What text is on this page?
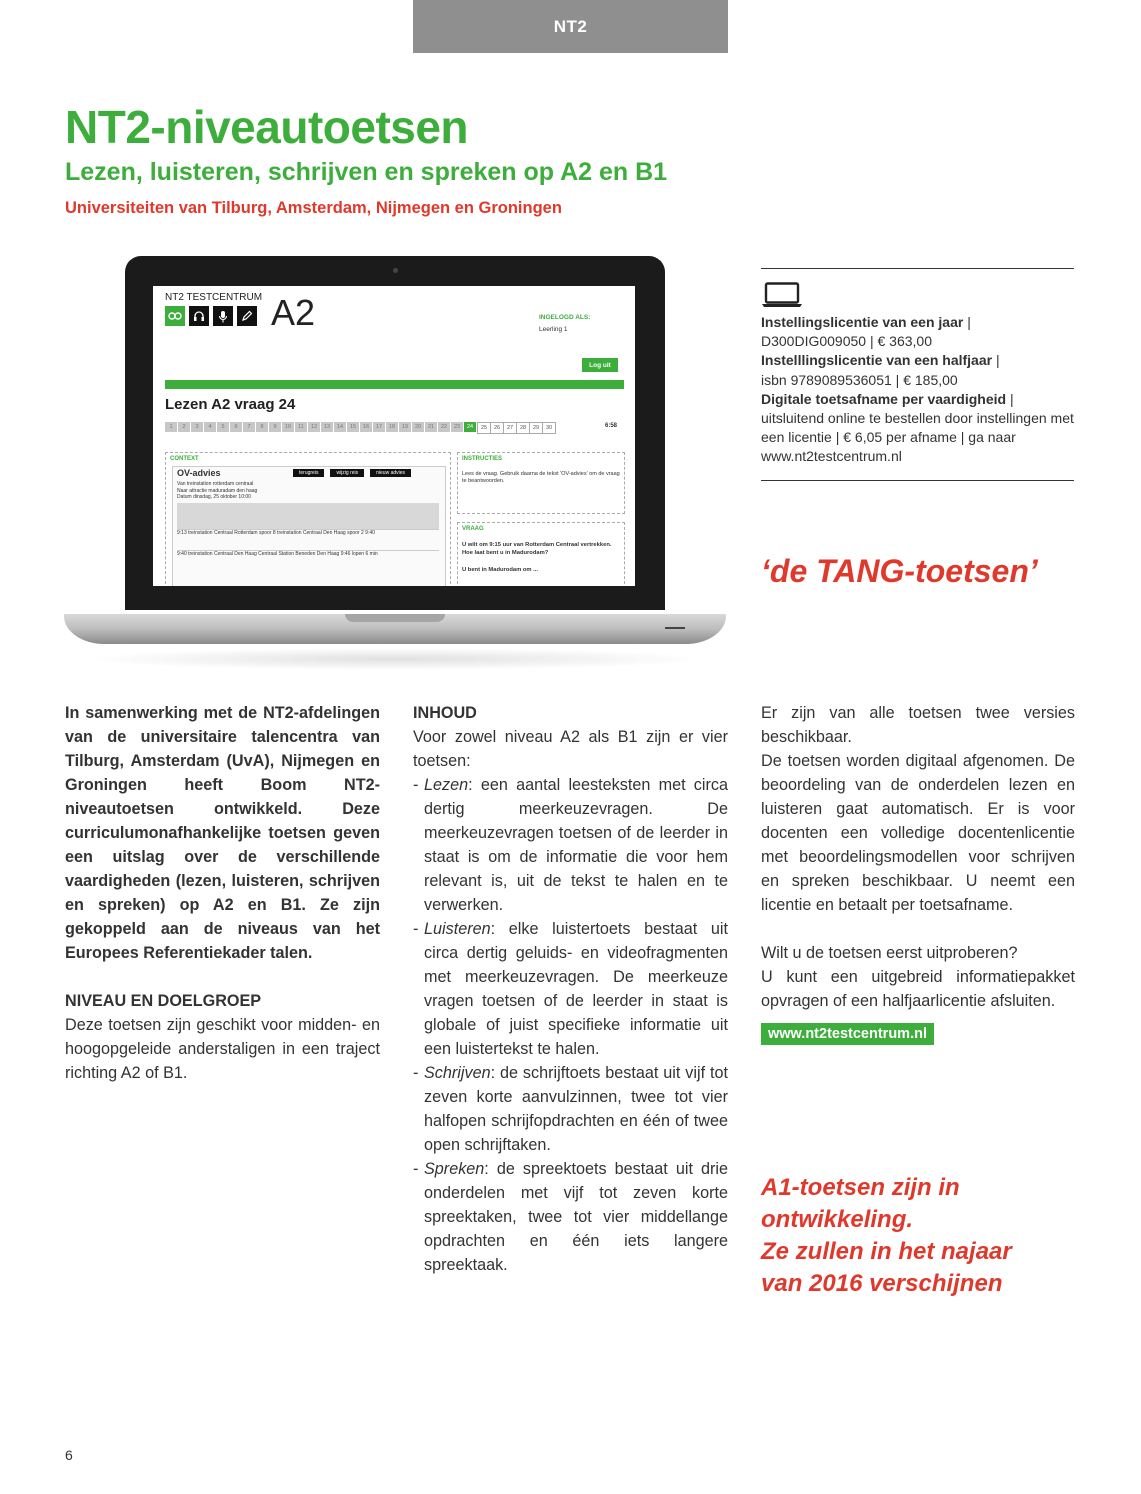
NT2
NT2-niveautoetsen
Lezen, luisteren, schrijven en spreken op A2 en B1

Universiteiten van Tilburg, Amsterdam, Nijmegen en Groningen

NT2 TESTCENTRUM A2	INGELOGD ALS:
Leerling 1
Log uit
Lezen A2 vraag 24
1	2	3	4	5	6	7	8	9	10	11	12	13	14	15	16	17	18	19	20	21	22	23	24	25	26	27	28	29	30	6:58
CONTEXT
OV-advies	terugreis	wijzig reis	nieuw advies
Van treinstation rotterdam centraal
Naar attractie maduradam den haag
Datum dinsdag, 25 oktober 10:00
9:13 treinstation Centraal Rotterdam spoor 8 treinstation Centraal Den Haag spoor 2 9:40
9:40 treinstation Centraal Den Haag Centraal Station Beneden Den Haag 9:46 lopen 6 min
INSTRUCTIES
Lees de vraag. Gebruik daarna de tekst 'OV-advies' om de vraag te beantwoorden.
VRAAG
U wilt om 9:15 uur van Rotterdam Centraal vertrekken. Hoe laat bent u in Madurodam?
U bent in Madurodam om ...

Instellingslicentie van een jaar |
D300DIG009050 | € 363,00
Instelllingslicentie van een halfjaar |
isbn 9789089536051 | € 185,00
Digitale toetsafname per vaardigheid |
uitsluitend online te bestellen door instellingen met een licentie | € 6,05 per afname | ga naar www.nt2testcentrum.nl

‘de TANG-toetsen’

In samenwerking met de NT2-afdelingen van de universitaire talencentra van Tilburg, Amsterdam (UvA), Nijmegen en Groningen heeft Boom NT2-niveautoetsen ontwikkeld. Deze curriculumonafhankelijke toetsen geven een uitslag over de verschillende vaardigheden (lezen, luisteren, schrijven en spreken) op A2 en B1. Ze zijn gekoppeld aan de niveaus van het Europees Referentiekader talen.

NIVEAU EN DOELGROEP

Deze toetsen zijn geschikt voor midden- en hoogopgeleide anderstaligen in een traject richting A2 of B1.

INHOUD

Voor zowel niveau A2 als B1 zijn er vier toetsen:

- Lezen: een aantal leesteksten met circa dertig meerkeuzevragen. De meerkeuzevragen toetsen of de leerder in staat is om de informatie die voor hem relevant is, uit de tekst te halen en te verwerken.
- Luisteren: elke luistertoets bestaat uit circa dertig geluids- en videofragmenten met meerkeuzevragen. De meerkeuze vragen toetsen of de leerder in staat is globale of juist specifieke informatie uit een luistertekst te halen.
- Schrijven: de schrijftoets bestaat uit vijf tot zeven korte aanvulzinnen, twee tot vier halfopen schrijfopdrachten en één of twee open schrijftaken.
- Spreken: de spreektoets bestaat uit drie onderdelen met vijf tot zeven korte spreektaken, twee tot vier middellange opdrachten en één iets langere spreektaak.

Er zijn van alle toetsen twee versies beschikbaar.

De toetsen worden digitaal afgenomen. De beoordeling van de onderdelen lezen en luisteren gaat automatisch. Er is voor docenten een volledige docentenlicentie met beoordelingsmodellen voor schrijven en spreken beschikbaar. U neemt een licentie en betaalt per toetsafname.

Wilt u de toetsen eerst uitproberen?

U kunt een uitgebreid informatiepakket opvragen of een halfjaarlicentie afsluiten.

www.nt2testcentrum.nl

A1-toetsen zijn in
ontwikkeling.
Ze zullen in het najaar
van 2016 verschijnen

6
